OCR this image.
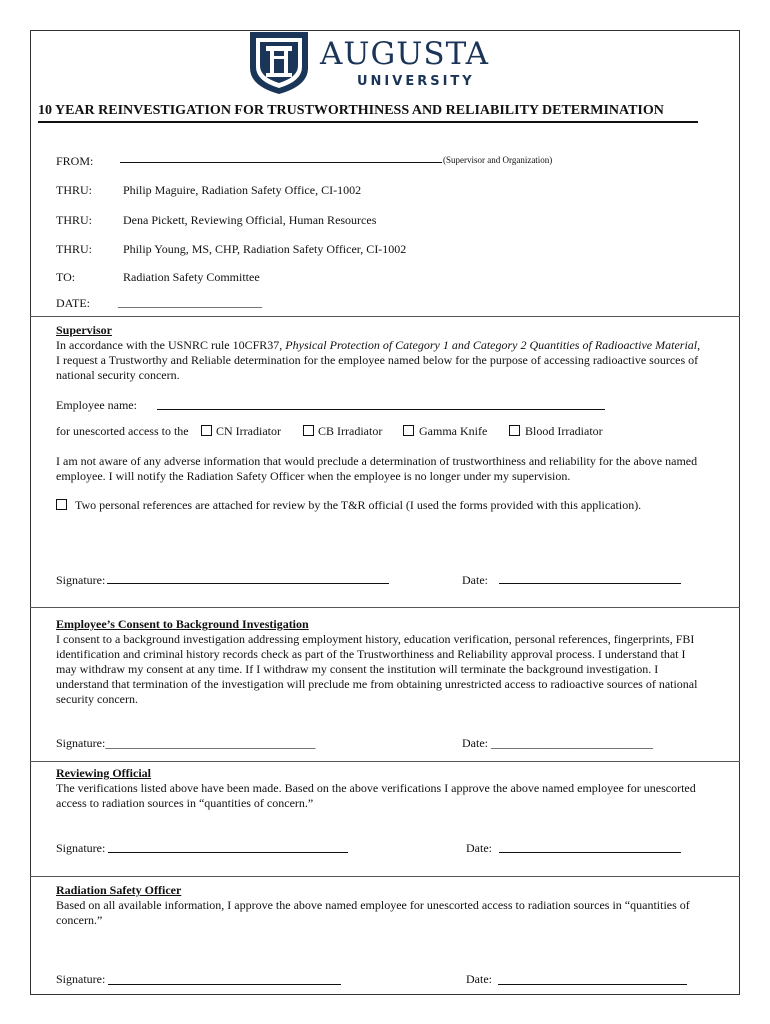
AUGUSTA
UNIVERSITY
10 YEAR REINVESTIGATION FOR TRUSTWORTHINESS AND RELIABILITY DETERMINATION
FROM:	(Supervisor and Organization)
THRU:	Philip Maguire, Radiation Safety Office, CI-1002
THRU:	Dena Pickett, Reviewing Official, Human Resources
THRU:	Philip Young, MS, CHP, Radiation Safety Officer, CI-1002
TO:	Radiation Safety Committee
DATE: ________________________
Supervisor
In accordance with the USNRC rule 10CFR37, Physical Protection of Category 1 and Category 2 Quantities of Radioactive Material, I request a Trustworthy and Reliable determination for the employee named below for the purpose of accessing radioactive sources of national security concern.
Employee name:
for unescorted access to the CN Irradiator	CB Irradiator	Gamma Knife	Blood Irradiator
I am not aware of any adverse information that would preclude a determination of trustworthiness and reliability for the above named employee. I will notify the Radiation Safety Officer when the employee is no longer under my supervision.
Two personal references are attached for review by the T&R official (I used the forms provided with this application).
Signature:	Date:
Employee’s Consent to Background Investigation
I consent to a background investigation addressing employment history, education verification, personal references, fingerprints, FBI identification and criminal history records check as part of the Trustworthiness and Reliability approval process. I understand that I may withdraw my consent at any time. If I withdraw my consent the institution will terminate the background investigation. I understand that termination of the investigation will preclude me from obtaining unrestricted access to radioactive sources of national security concern.
Signature:___________________________________	Date: ___________________________
Reviewing Official
The verifications listed above have been made. Based on the above verifications I approve the above named employee for unescorted access to radiation sources in “quantities of concern.”
Signature:	Date:
Radiation Safety Officer
Based on all available information, I approve the above named employee for unescorted access to radiation sources in “quantities of concern.”
Signature:	Date:
